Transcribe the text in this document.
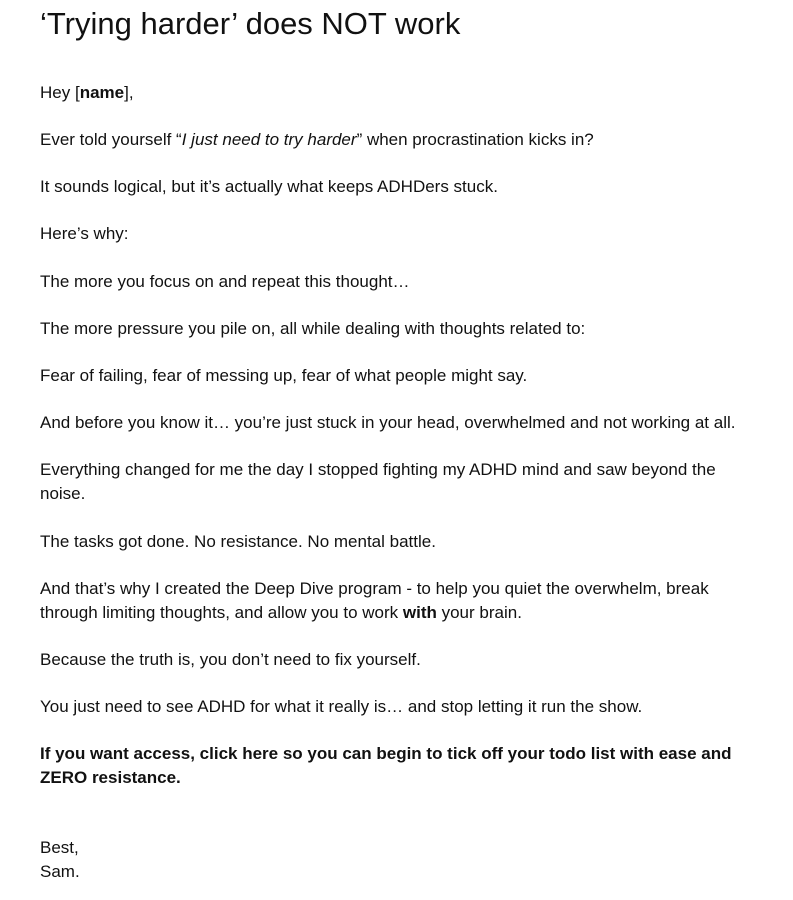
‘Trying harder’ does NOT work

Hey [name],

Ever told yourself “I just need to try harder” when procrastination kicks in?

It sounds logical, but it’s actually what keeps ADHDers stuck.

Here’s why:

The more you focus on and repeat this thought…

The more pressure you pile on, all while dealing with thoughts related to:

Fear of failing, fear of messing up, fear of what people might say.

And before you know it… you’re just stuck in your head, overwhelmed and not working at all.

Everything changed for me the day I stopped fighting my ADHD mind and saw beyond the
noise.

The tasks got done. No resistance. No mental battle.

And that’s why I created the Deep Dive program - to help you quiet the overwhelm, break
through limiting thoughts, and allow you to work with your brain.

Because the truth is, you don’t need to fix yourself.

You just need to see ADHD for what it really is… and stop letting it run the show.

If you want access, click here so you can begin to tick off your todo list with ease and
ZERO resistance.

Best,
Sam.
